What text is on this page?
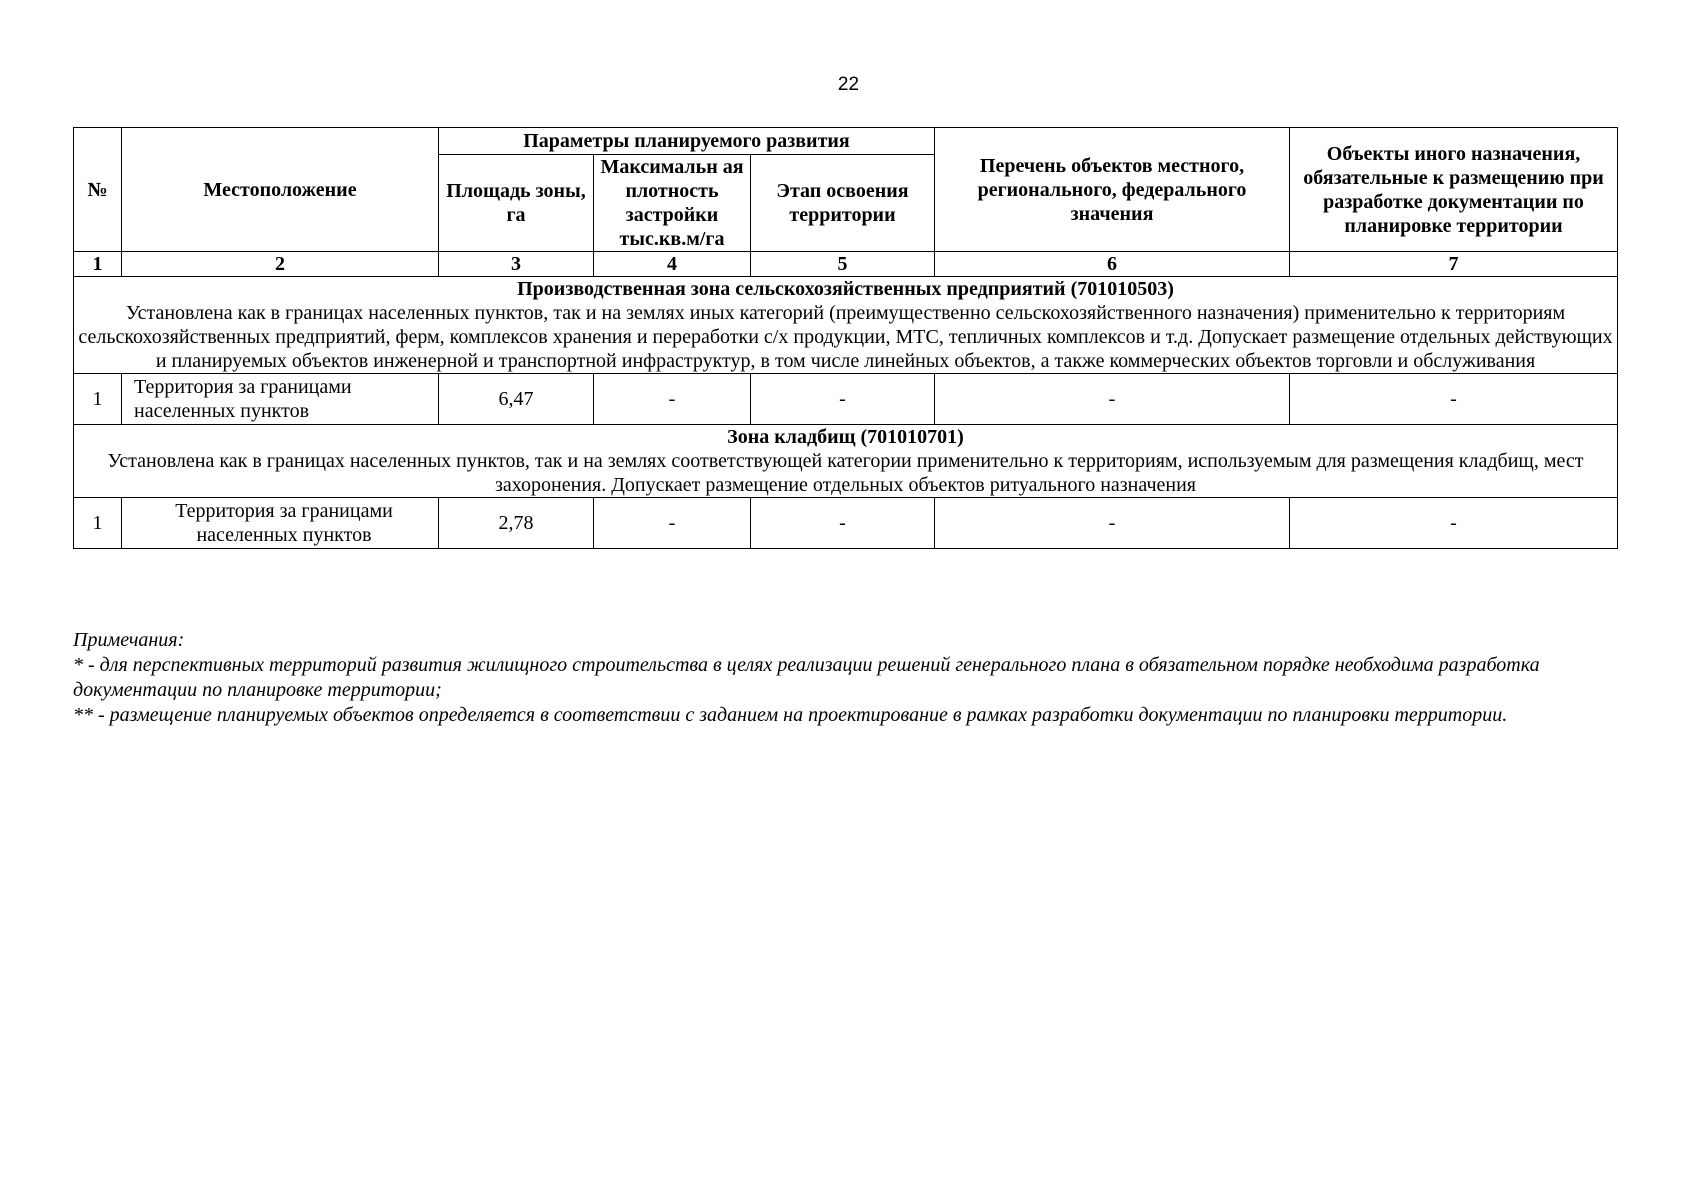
22
№	Местоположение	Параметры планируемого развития			Перечень объектов местного, регионального, федерального значения	Объекты иного назначения, обязательные к размещению при разработке документации по планировке территории
		Площадь зоны, га	Максимальн ая плотность застройки тыс.кв.м/га	Этап освоения территории		
1	2	3	4	5	6	7

Производственная зона сельскохозяйственных предприятий (701010503)
Установлена как в границах населенных пунктов, так и на землях иных категорий (преимущественно сельскохозяйственного назначения) применительно к территориям сельскохозяйственных предприятий, ферм, комплексов хранения и переработки с/х продукции, МТС, тепличных комплексов и т.д. Допускает размещение отдельных действующих и планируемых объектов инженерной и транспортной инфраструктур, в том числе линейных объектов, а также коммерческих объектов торговли и обслуживания						

1	Территория за границами населенных пунктов	6,47	-	-	-	-

Зона кладбищ (701010701)
Установлена как в границах населенных пунктов, так и на землях соответствующей категории применительно к территориям, используемым для размещения кладбищ, мест захоронения. Допускает размещение отдельных объектов ритуального назначения						

1	Территория за границами населенных пунктов	2,78	-	-	-	-

Примечания:

* - для перспективных территорий развития жилищного строительства в целях реализации решений генерального плана в обязательном порядке необходима разработка документации по планировке территории;

** - размещение планируемых объектов определяется в соответствии с заданием на проектирование в рамках разработки документации по планировки территории.
